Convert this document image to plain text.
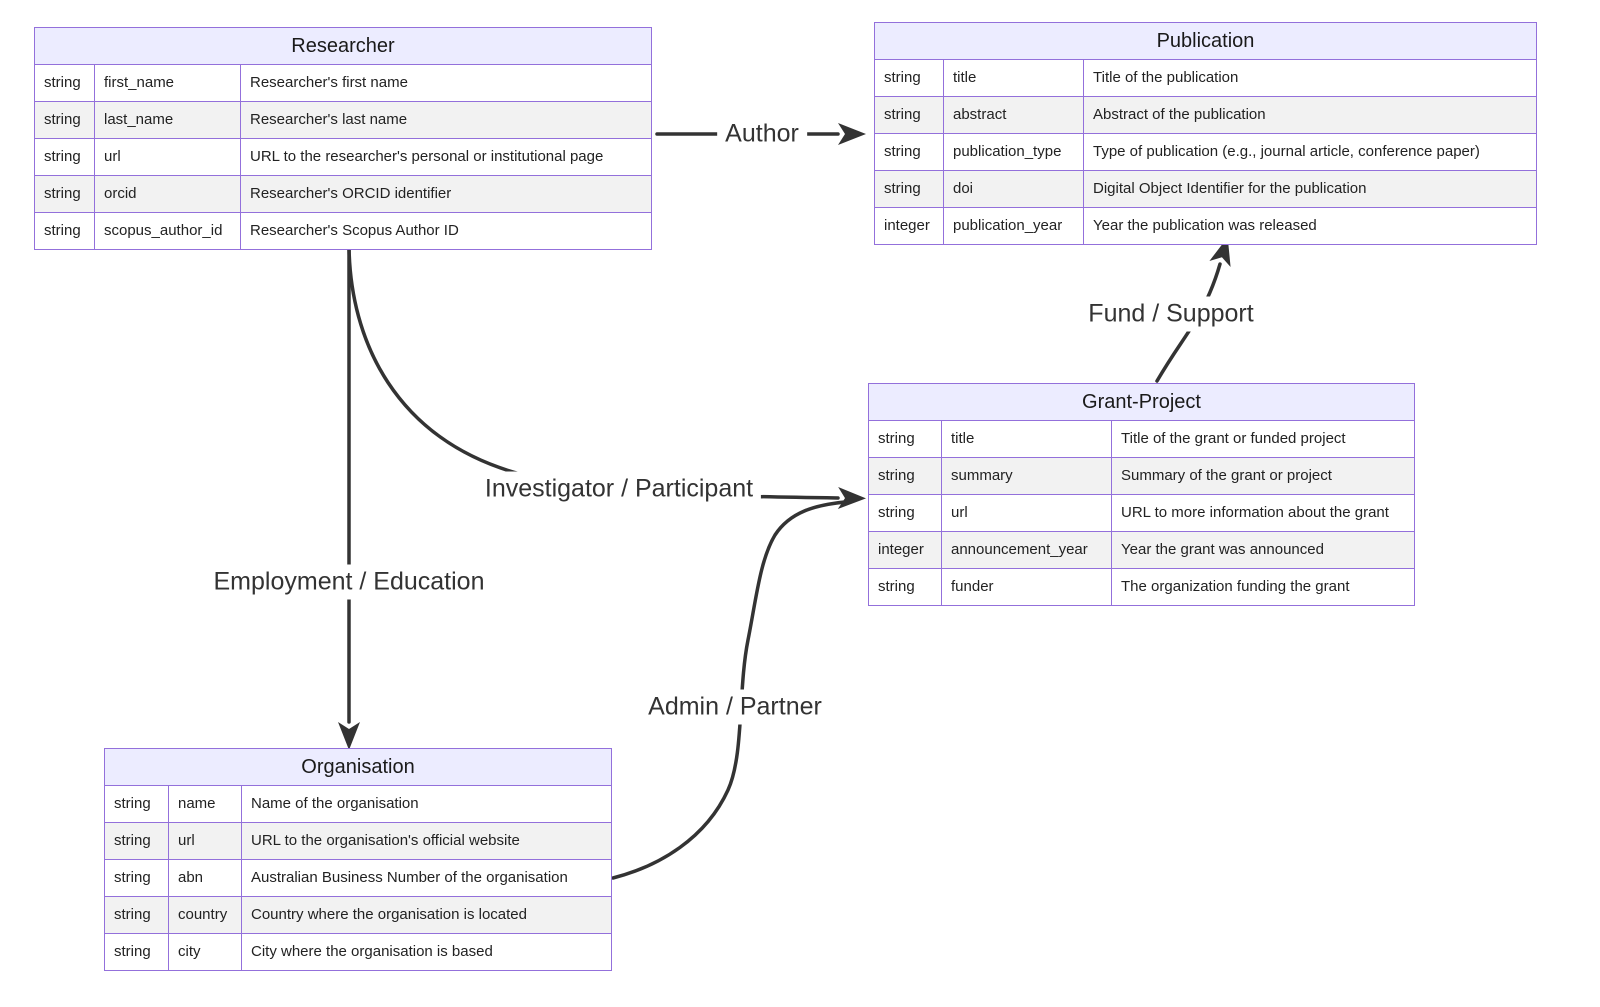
Researcher
string	first_name	Researcher's first name
string	last_name	Researcher's last name
string	url	URL to the researcher's personal or institutional page
string	orcid	Researcher's ORCID identifier
string	scopus_author_id	Researcher's Scopus Author ID
Publication
string	title	Title of the publication
string	abstract	Abstract of the publication
string	publication_type	Type of publication (e.g., journal article, conference paper)
string	doi	Digital Object Identifier for the publication
integer	publication_year	Year the publication was released
Grant-Project
string	title	Title of the grant or funded project
string	summary	Summary of the grant or project
string	url	URL to more information about the grant
integer	announcement_year	Year the grant was announced
string	funder	The organization funding the grant
Organisation
string	name	Name of the organisation
string	url	URL to the organisation's official website
string	abn	Australian Business Number of the organisation
string	country	Country where the organisation is located
string	city	City where the organisation is based
Author
Fund / Support
Investigator / Participant
Employment / Education
Admin / Partner
